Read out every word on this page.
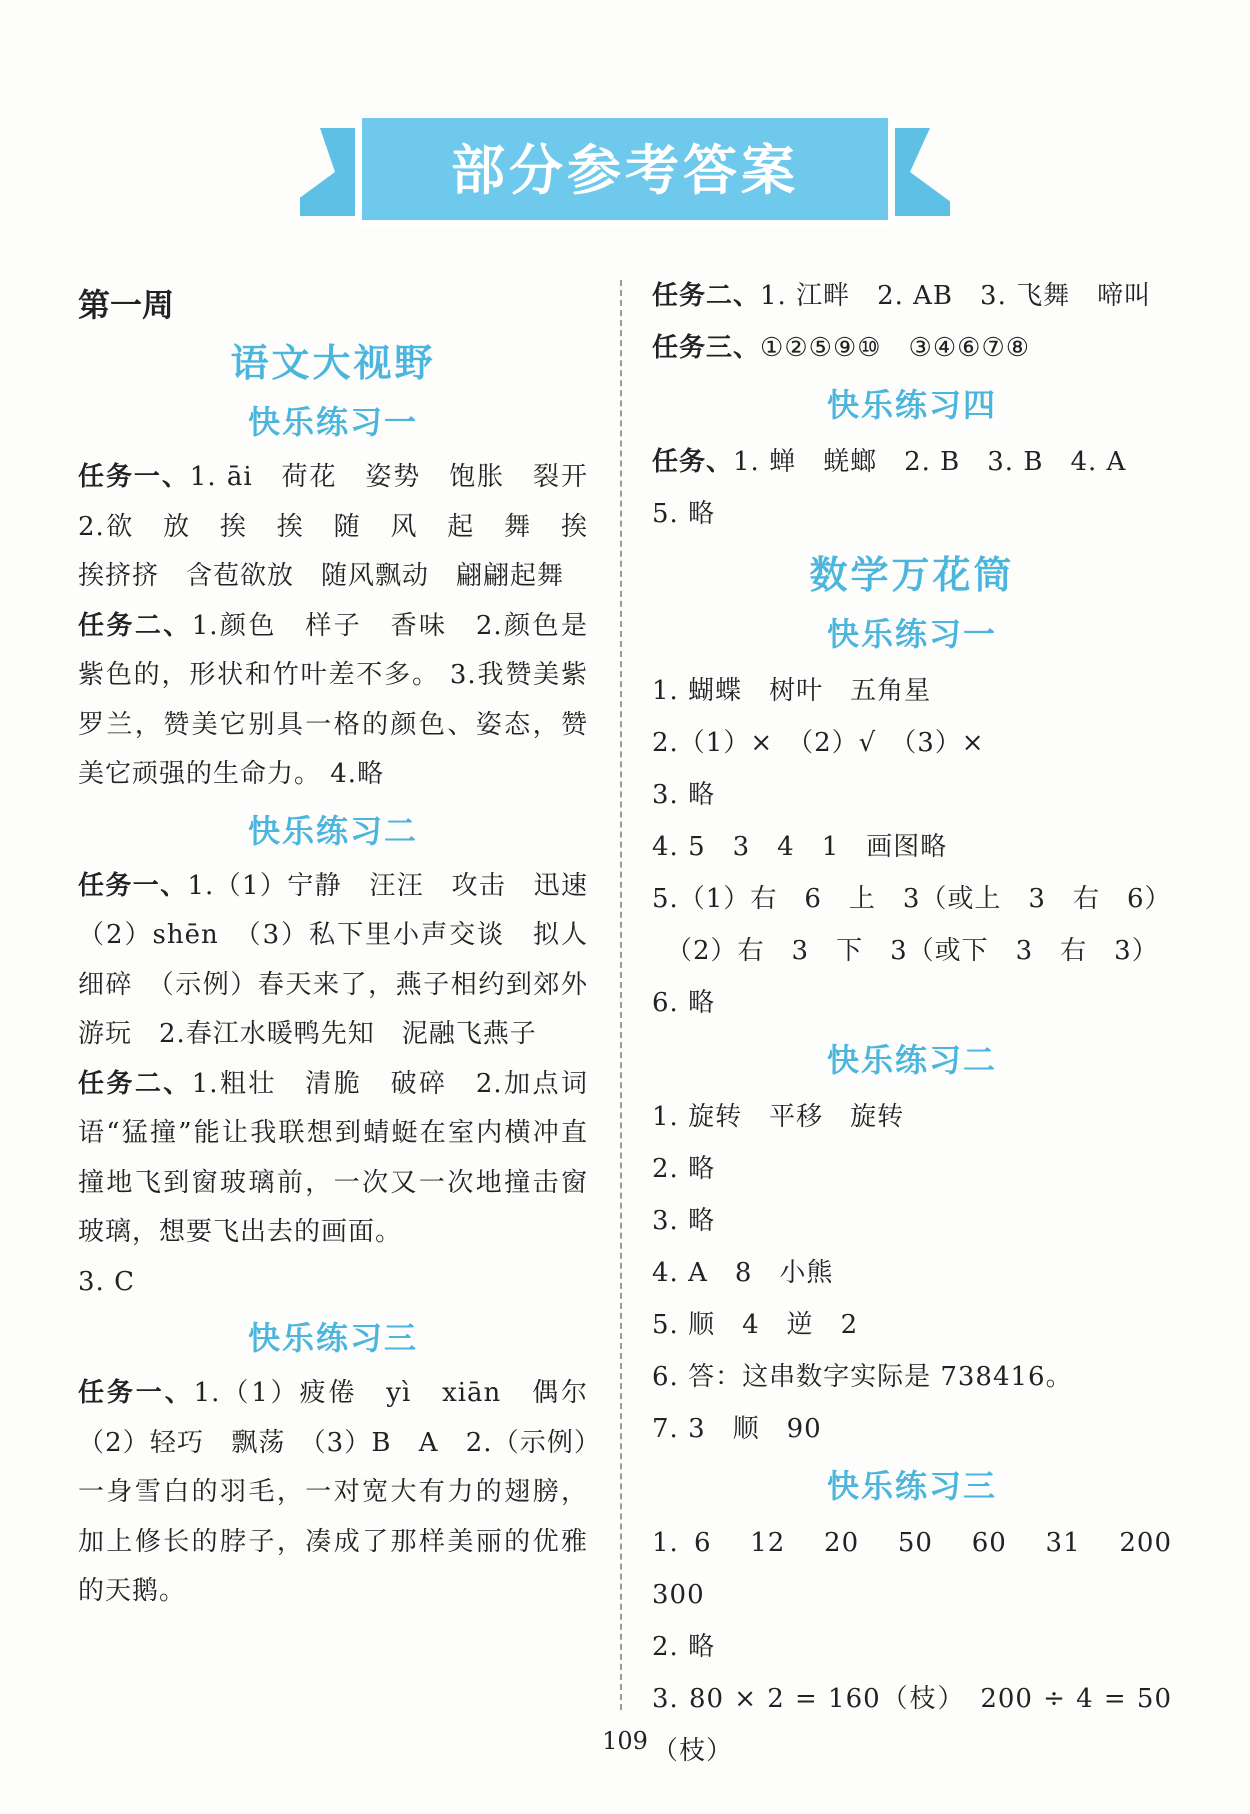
部分参考答案
第一周
语文大视野
快乐练习一

任务一、1. āi　荷花　姿势　饱胀　裂开　2.欲　放　挨　挨　随　风　起　舞　挨挨挤挤　含苞欲放　随风飘动　翩翩起舞

任务二、1.颜色　样子　香味　2.颜色是紫色的，形状和竹叶差不多。 3.我赞美紫罗兰，赞美它别具一格的颜色、姿态，赞美它顽强的生命力。 4.略

快乐练习二

任务一、1.（1）宁静　汪汪　攻击　迅速　（2）shēn　（3）私下里小声交谈　拟人　细碎　（示例）春天来了，燕子相约到郊外游玩　2.春江水暖鸭先知　泥融飞燕子

任务二、1.粗壮　清脆　破碎　2.加点词语“猛撞”能让我联想到蜻蜓在室内横冲直撞地飞到窗玻璃前，一次又一次地撞击窗玻璃，想要飞出去的画面。

3. C

快乐练习三

任务一、1.（1）疲倦　yì　xiān　偶尔　（2）轻巧　飘荡　（3）B　A　2.（示例）一身雪白的羽毛，一对宽大有力的翅膀，加上修长的脖子，凑成了那样美丽的优雅的天鹅。

任务二、1. 江畔　2. AB　3. 飞舞　啼叫

任务三、①②⑤⑨⑩　③④⑥⑦⑧

快乐练习四

任务、1. 蝉　蜣螂　2. B　3. B　4. A

5. 略

数学万花筒
快乐练习一

1. 蝴蝶　树叶　五角星

2.（1）×　（2）√　（3）×

3. 略

4. 5　3　4　1　画图略

5.（1）右　6　上　3（或上　3　右　6）

　（2）右　3　下　3（或下　3　右　3）

6. 略

快乐练习二

1. 旋转　平移　旋转

2. 略

3. 略

4. A　8　小熊

5. 顺　4　逆　2

6. 答：这串数字实际是 738416。

7. 3　顺　90

快乐练习三

1. 6　12　20　50　60　31　200　300

2. 略

3. 80 × 2 = 160（枝）　200 ÷ 4 = 50（枝）

109
